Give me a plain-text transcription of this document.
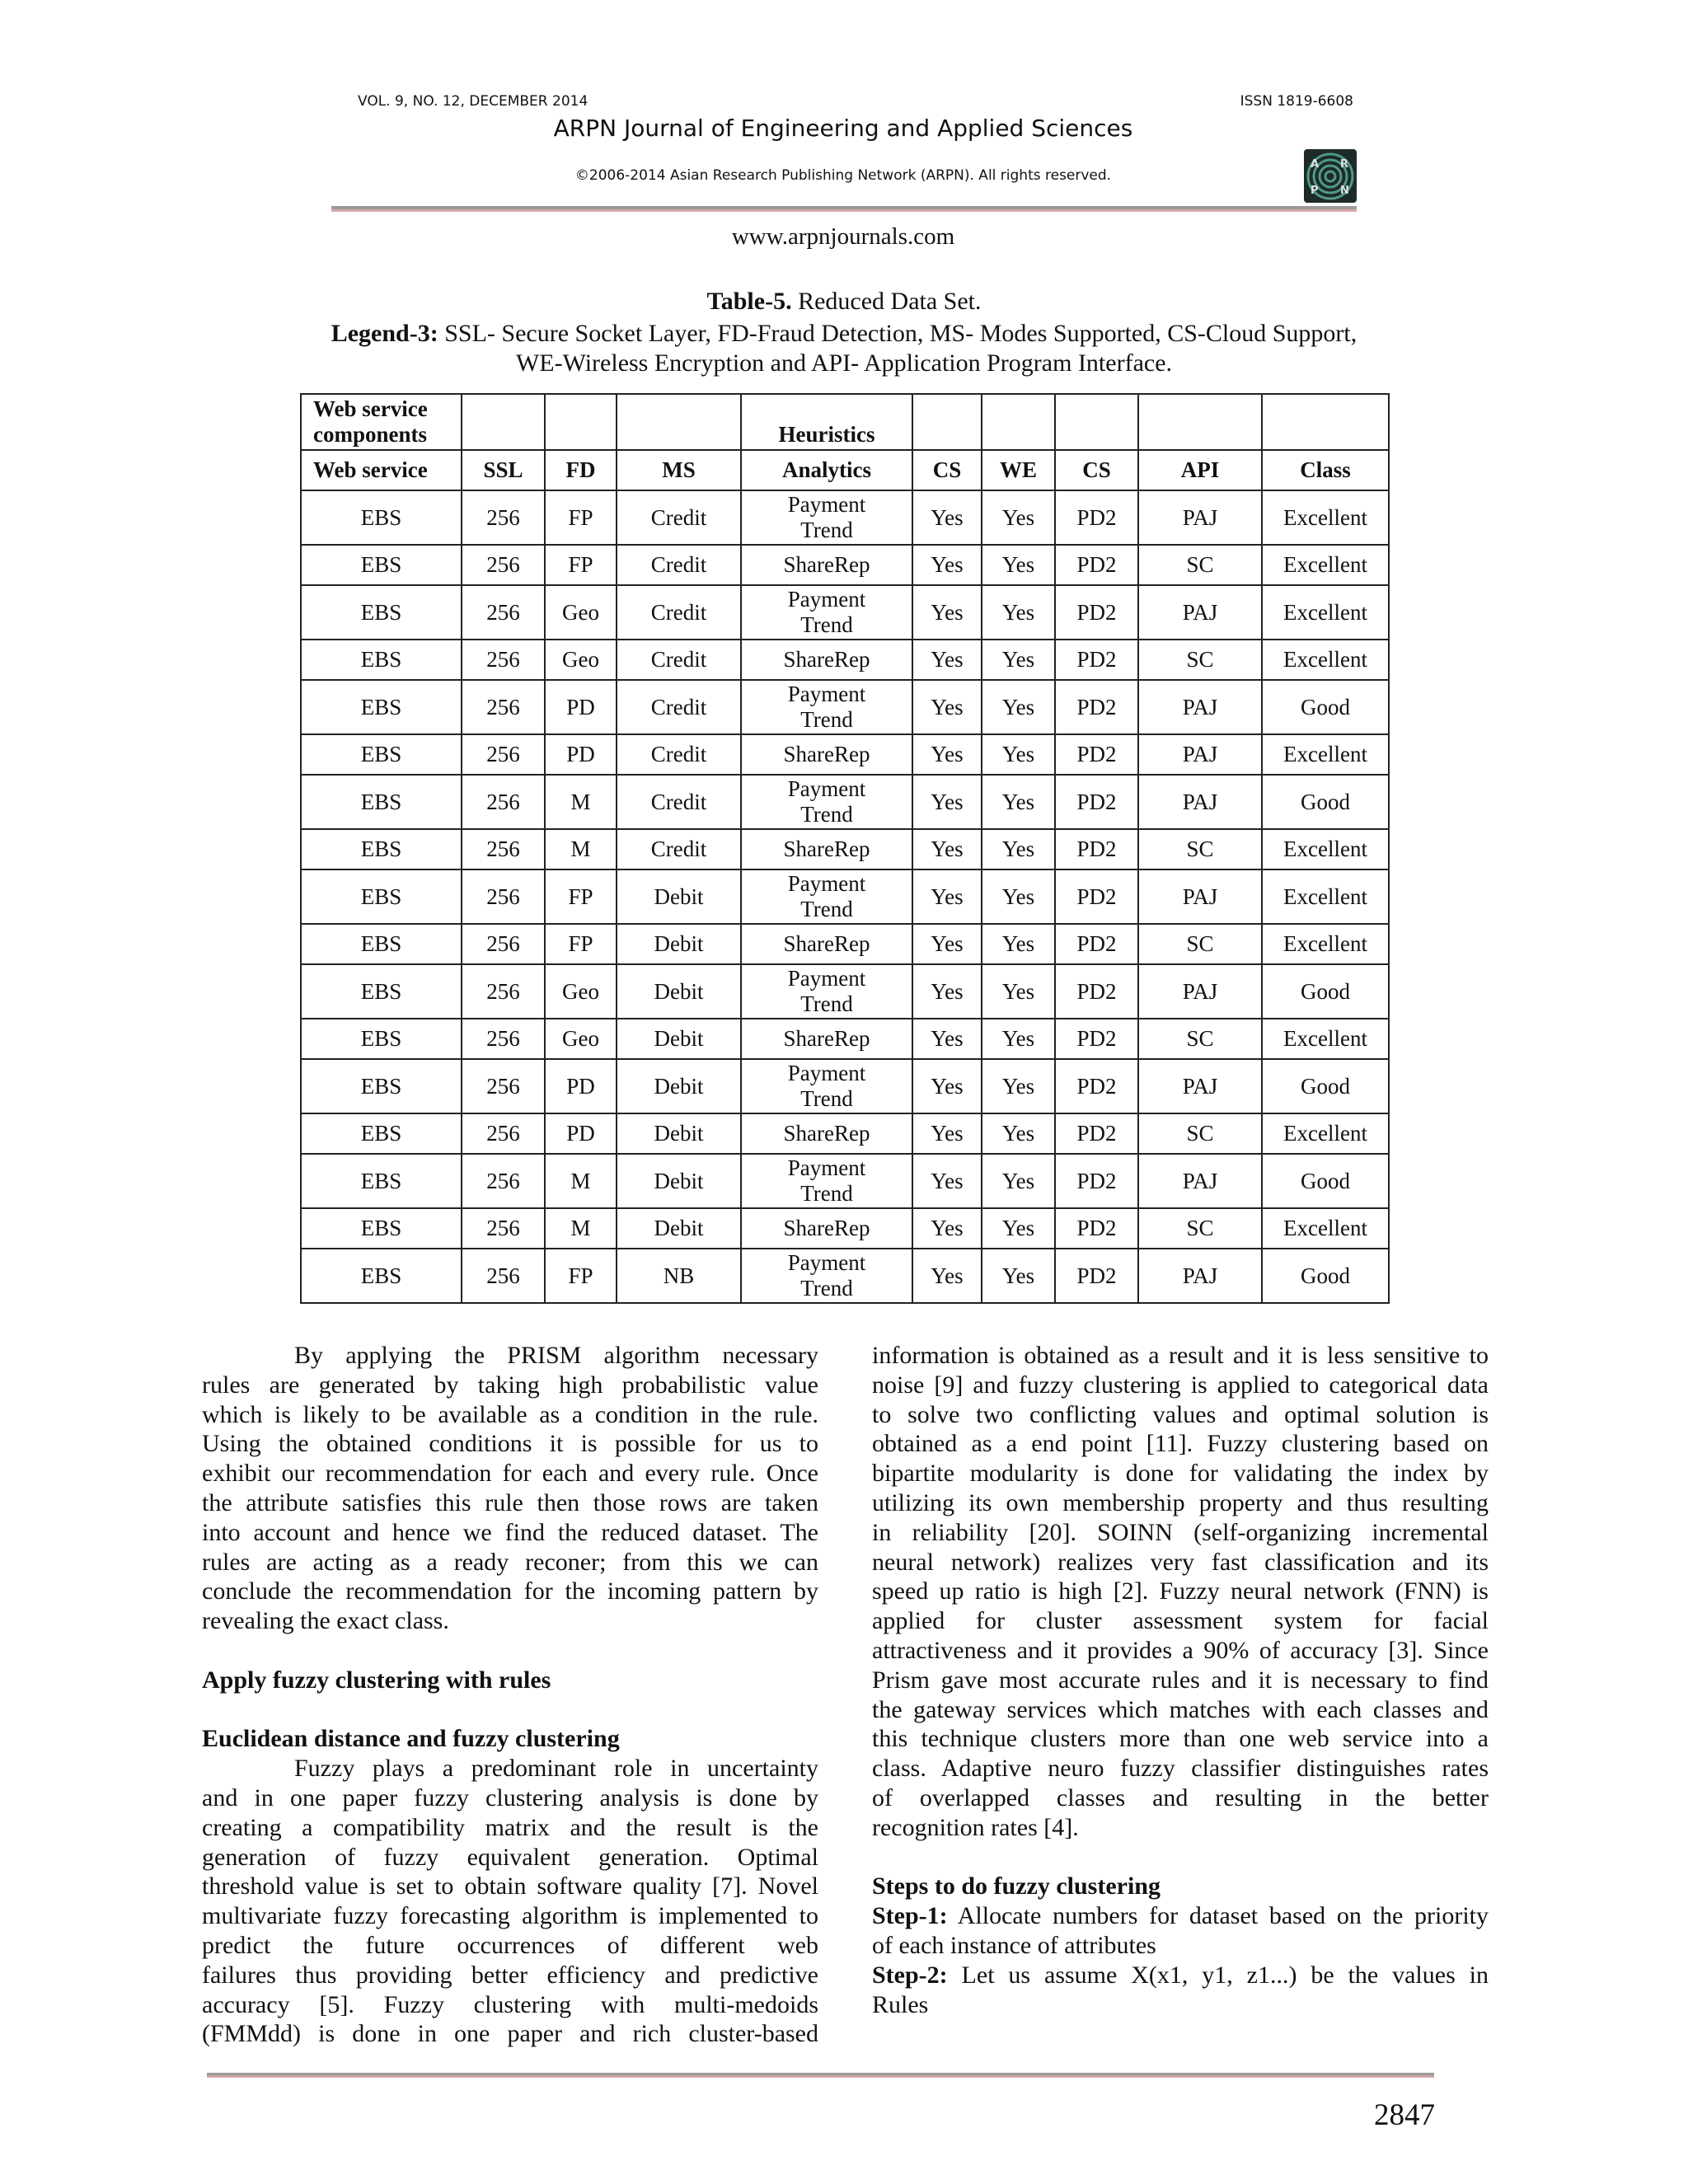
VOL. 9, NO. 12, DECEMBER 2014	ISSN 1819-6608
ARPN Journal of Engineering and Applied Sciences
©2006-2014 Asian Research Publishing Network (ARPN). All rights reserved.
A R
P N
www.arpnjournals.com
Table-5. Reduced Data Set.
Legend-3: SSL- Secure Socket Layer, FD-Fraud Detection, MS- Modes Supported, CS-Cloud Support,
WE-Wireless Encryption and API- Application Program Interface.
Web service components				Heuristics					
Web service	SSL	FD	MS	Analytics	CS	WE	CS	API	Class
EBS	256	FP	Credit	Payment Trend	Yes	Yes	PD2	PAJ	Excellent
EBS	256	FP	Credit	ShareRep	Yes	Yes	PD2	SC	Excellent
EBS	256	Geo	Credit	Payment Trend	Yes	Yes	PD2	PAJ	Excellent
EBS	256	Geo	Credit	ShareRep	Yes	Yes	PD2	SC	Excellent
EBS	256	PD	Credit	Payment Trend	Yes	Yes	PD2	PAJ	Good
EBS	256	PD	Credit	ShareRep	Yes	Yes	PD2	PAJ	Excellent
EBS	256	M	Credit	Payment Trend	Yes	Yes	PD2	PAJ	Good
EBS	256	M	Credit	ShareRep	Yes	Yes	PD2	SC	Excellent
EBS	256	FP	Debit	Payment Trend	Yes	Yes	PD2	PAJ	Excellent
EBS	256	FP	Debit	ShareRep	Yes	Yes	PD2	SC	Excellent
EBS	256	Geo	Debit	Payment Trend	Yes	Yes	PD2	PAJ	Good
EBS	256	Geo	Debit	ShareRep	Yes	Yes	PD2	SC	Excellent
EBS	256	PD	Debit	Payment Trend	Yes	Yes	PD2	PAJ	Good
EBS	256	PD	Debit	ShareRep	Yes	Yes	PD2	SC	Excellent
EBS	256	M	Debit	Payment Trend	Yes	Yes	PD2	PAJ	Good
EBS	256	M	Debit	ShareRep	Yes	Yes	PD2	SC	Excellent
EBS	256	FP	NB	Payment Trend	Yes	Yes	PD2	PAJ	Good
By applying the PRISM algorithm necessary
rules are generated by taking high probabilistic value
which is likely to be available as a condition in the rule.
Using the obtained conditions it is possible for us to
exhibit our recommendation for each and every rule. Once
the attribute satisfies this rule then those rows are taken
into account and hence we find the reduced dataset. The
rules are acting as a ready reconer; from this we can
conclude the recommendation for the incoming pattern by
revealing the exact class.
Apply fuzzy clustering with rules
Euclidean distance and fuzzy clustering
Fuzzy plays a predominant role in uncertainty
and in one paper fuzzy clustering analysis is done by
creating a compatibility matrix and the result is the
generation of fuzzy equivalent generation. Optimal
threshold value is set to obtain software quality [7]. Novel
multivariate fuzzy forecasting algorithm is implemented to
predict the future occurrences of different web
failures thus providing better efficiency and predictive
accuracy [5]. Fuzzy clustering with multi-medoids
(FMMdd) is done in one paper and rich cluster-based
information is obtained as a result and it is less sensitive to
noise [9] and fuzzy clustering is applied to categorical data
to solve two conflicting values and optimal solution is
obtained as a end point [11]. Fuzzy clustering based on
bipartite modularity is done for validating the index by
utilizing its own membership property and thus resulting
in reliability [20]. SOINN (self-organizing incremental
neural network) realizes very fast classification and its
speed up ratio is high [2]. Fuzzy neural network (FNN) is
applied for cluster assessment system for facial
attractiveness and it provides a 90% of accuracy [3]. Since
Prism gave most accurate rules and it is necessary to find
the gateway services which matches with each classes and
this technique clusters more than one web service into a
class. Adaptive neuro fuzzy classifier distinguishes rates
of overlapped classes and resulting in the better
recognition rates [4].
Steps to do fuzzy clustering
Step-1: Allocate numbers for dataset based on the priority
of each instance of attributes
Step-2: Let us assume X(x1, y1, z1...) be the values in
Rules
2847
